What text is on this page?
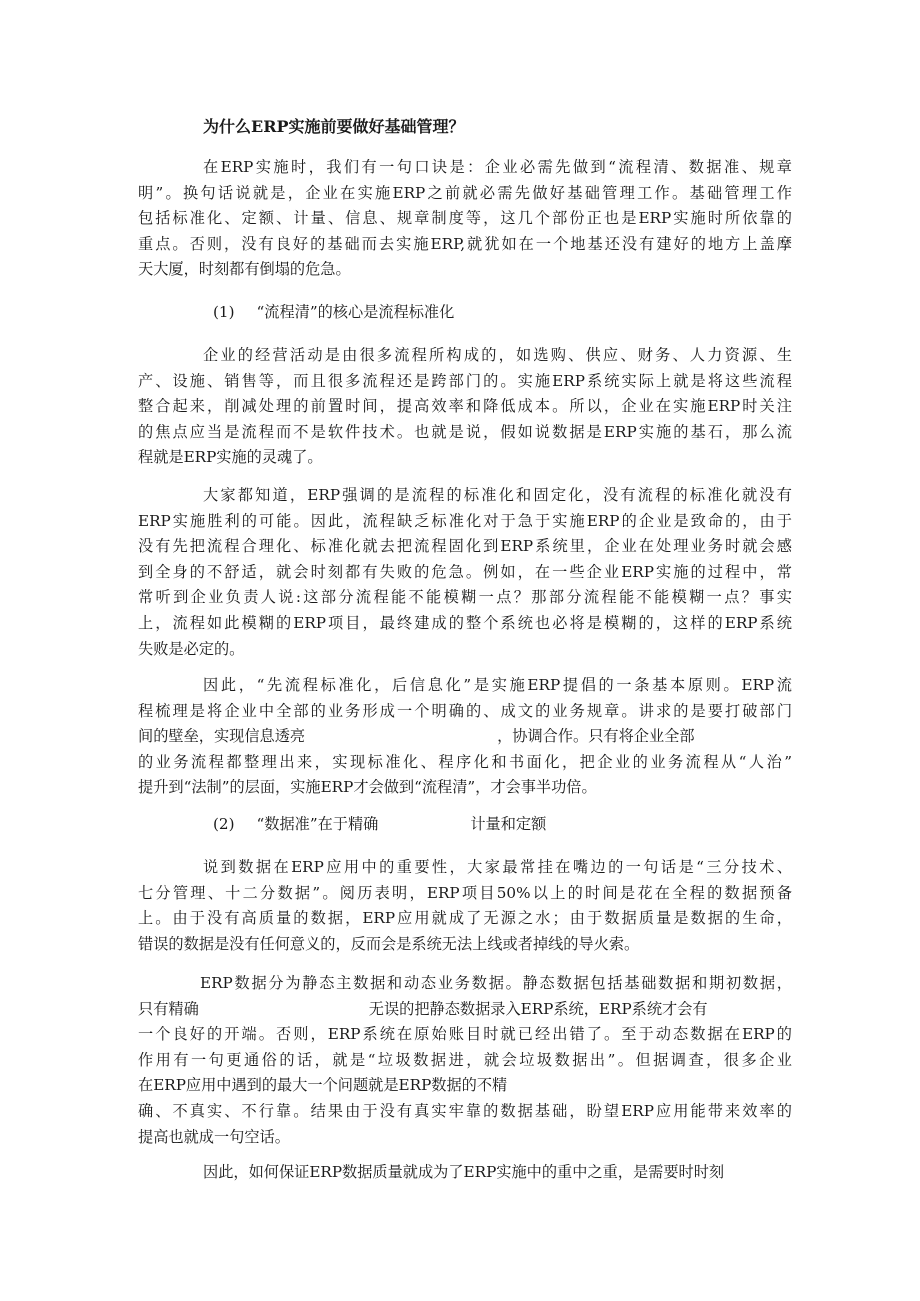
为什么ERP实施前要做好基础管理？
在ERP实施时，我们有一句口诀是：企业必需先做到“流程清、数据准、规章
明”。换句话说就是，企业在实施ERP之前就必需先做好基础管理工作。基础管理工作
包括标准化、定额、计量、信息、规章制度等，这几个部份正也是ERP实施时所依靠的
重点。否则，没有良好的基础而去实施ERP,就犹如在一个地基还没有建好的地方上盖摩
天大厦，时刻都有倒塌的危急。
(1) “流程清”的核心是流程标准化
企业的经营活动是由很多流程所构成的，如选购、供应、财务、人力资源、生
产、设施、销售等，而且很多流程还是跨部门的。实施ERP系统实际上就是将这些流程
整合起来，削减处理的前置时间，提高效率和降低成本。所以，企业在实施ERP时关注
的焦点应当是流程而不是软件技术。也就是说，假如说数据是ERP实施的基石，那么流
程就是ERP实施的灵魂了。
大家都知道，ERP强调的是流程的标准化和固定化，没有流程的标准化就没有
ERP实施胜利的可能。因此，流程缺乏标准化对于急于实施ERP的企业是致命的，由于
没有先把流程合理化、标准化就去把流程固化到ERP系统里，企业在处理业务时就会感
到全身的不舒适，就会时刻都有失败的危急。例如，在一些企业ERP实施的过程中，常
常听到企业负责人说:这部分流程能不能模糊一点？那部分流程能不能模糊一点？事实
上，流程如此模糊的ERP项目，最终建成的整个系统也必将是模糊的，这样的ERP系统
失败是必定的。
因此，“先流程标准化，后信息化”是实施ERP提倡的一条基本原则。ERP流
程梳理是将企业中全部的业务形成一个明确的、成文的业务规章。讲求的是要打破部门
间的壁垒，实现信息透亮	，协调合作。只有将企业全部
的业务流程都整理出来，实现标准化、程序化和书面化，把企业的业务流程从“人治”
提升到“法制”的层面，实施ERP才会做到“流程清”，才会事半功倍。
(2) “数据准”在于精确	计量和定额
说到数据在ERP应用中的重要性，大家最常挂在嘴边的一句话是“三分技术、
七分管理、十二分数据”。阅历表明，ERP项目50%以上的时间是花在全程的数据预备
上。由于没有高质量的数据，ERP应用就成了无源之水；由于数据质量是数据的生命，
错误的数据是没有任何意义的，反而会是系统无法上线或者掉线的导火索。
ERP数据分为静态主数据和动态业务数据。静态数据包括基础数据和期初数据，
只有精确	无误的把静态数据录入ERP系统，ERP系统才会有
一个良好的开端。否则，ERP系统在原始账目时就已经出错了。至于动态数据在ERP的
作用有一句更通俗的话，就是“垃圾数据进，就会垃圾数据出”。但据调查，很多企业
在ERP应用中遇到的最大一个问题就是ERP数据的不精
确、不真实、不行靠。结果由于没有真实牢靠的数据基础，盼望ERP应用能带来效率的
提高也就成一句空话。
因此，如何保证ERP数据质量就成为了ERP实施中的重中之重，是需要时时刻
